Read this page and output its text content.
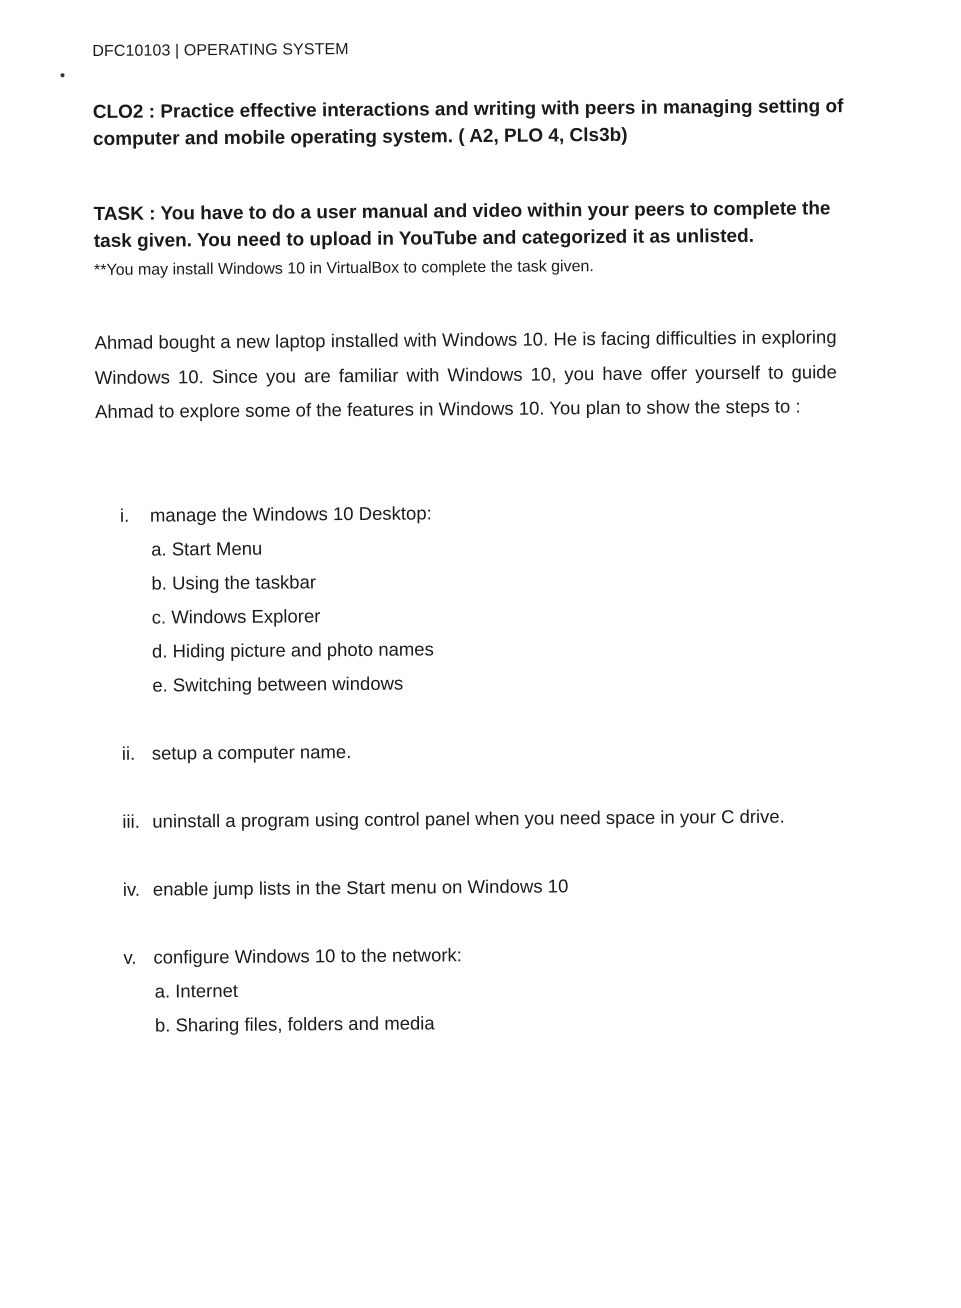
DFC10103 | OPERATING SYSTEM
CLO2 : Practice effective interactions and writing with peers in managing setting of computer and mobile operating system. ( A2, PLO 4, Cls3b)
TASK : You have to do a user manual and video within your peers to complete the task given. You need to upload in YouTube and categorized it as unlisted.
**You may install Windows 10 in VirtualBox to complete the task given.
Ahmad bought a new laptop installed with Windows 10. He is facing difficulties in exploring Windows 10. Since you are familiar with Windows 10, you have offer yourself to guide Ahmad to explore some of the features in Windows 10. You plan to show the steps to :
i.	manage the Windows 10 Desktop:
a. Start Menu
b. Using the taskbar
c. Windows Explorer
d. Hiding picture and photo names
e. Switching between windows
ii. setup a computer name.
iii. uninstall a program using control panel when you need space in your C drive.
iv. enable jump lists in the Start menu on Windows 10
v. configure Windows 10 to the network:
a. Internet
b. Sharing files, folders and media
